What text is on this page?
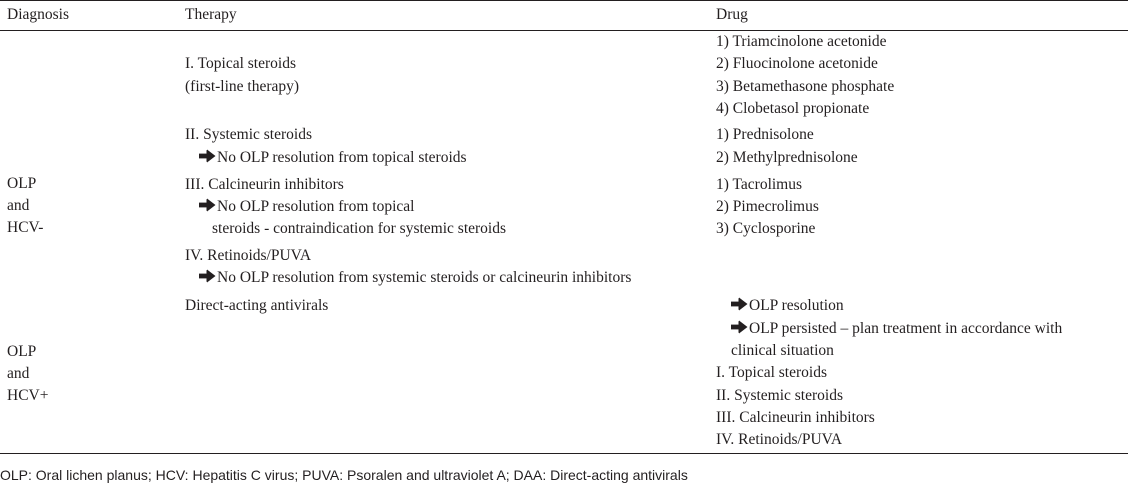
Diagnosis	Therapy	Drug
OLP
and
HCV-
OLP
and
HCV+
I. Topical steroids
(first-line therapy)
II. Systemic steroids
No OLP resolution from topical steroids
III. Calcineurin inhibitors
No OLP resolution from topical
steroids - contraindication for systemic steroids
IV. Retinoids/PUVA
No OLP resolution from systemic steroids or calcineurin inhibitors
Direct-acting antivirals
1) Triamcinolone acetonide
2) Fluocinolone acetonide
3) Betamethasone phosphate
4) Clobetasol propionate
1) Prednisolone
2) Methylprednisolone
1) Tacrolimus
2) Pimecrolimus
3) Cyclosporine
OLP resolution
OLP persisted – plan treatment in accordance with
clinical situation
I. Topical steroids
II. Systemic steroids
III. Calcineurin inhibitors
IV. Retinoids/PUVA
OLP: Oral lichen planus; HCV: Hepatitis C virus; PUVA: Psoralen and ultraviolet A; DAA: Direct-acting antivirals
